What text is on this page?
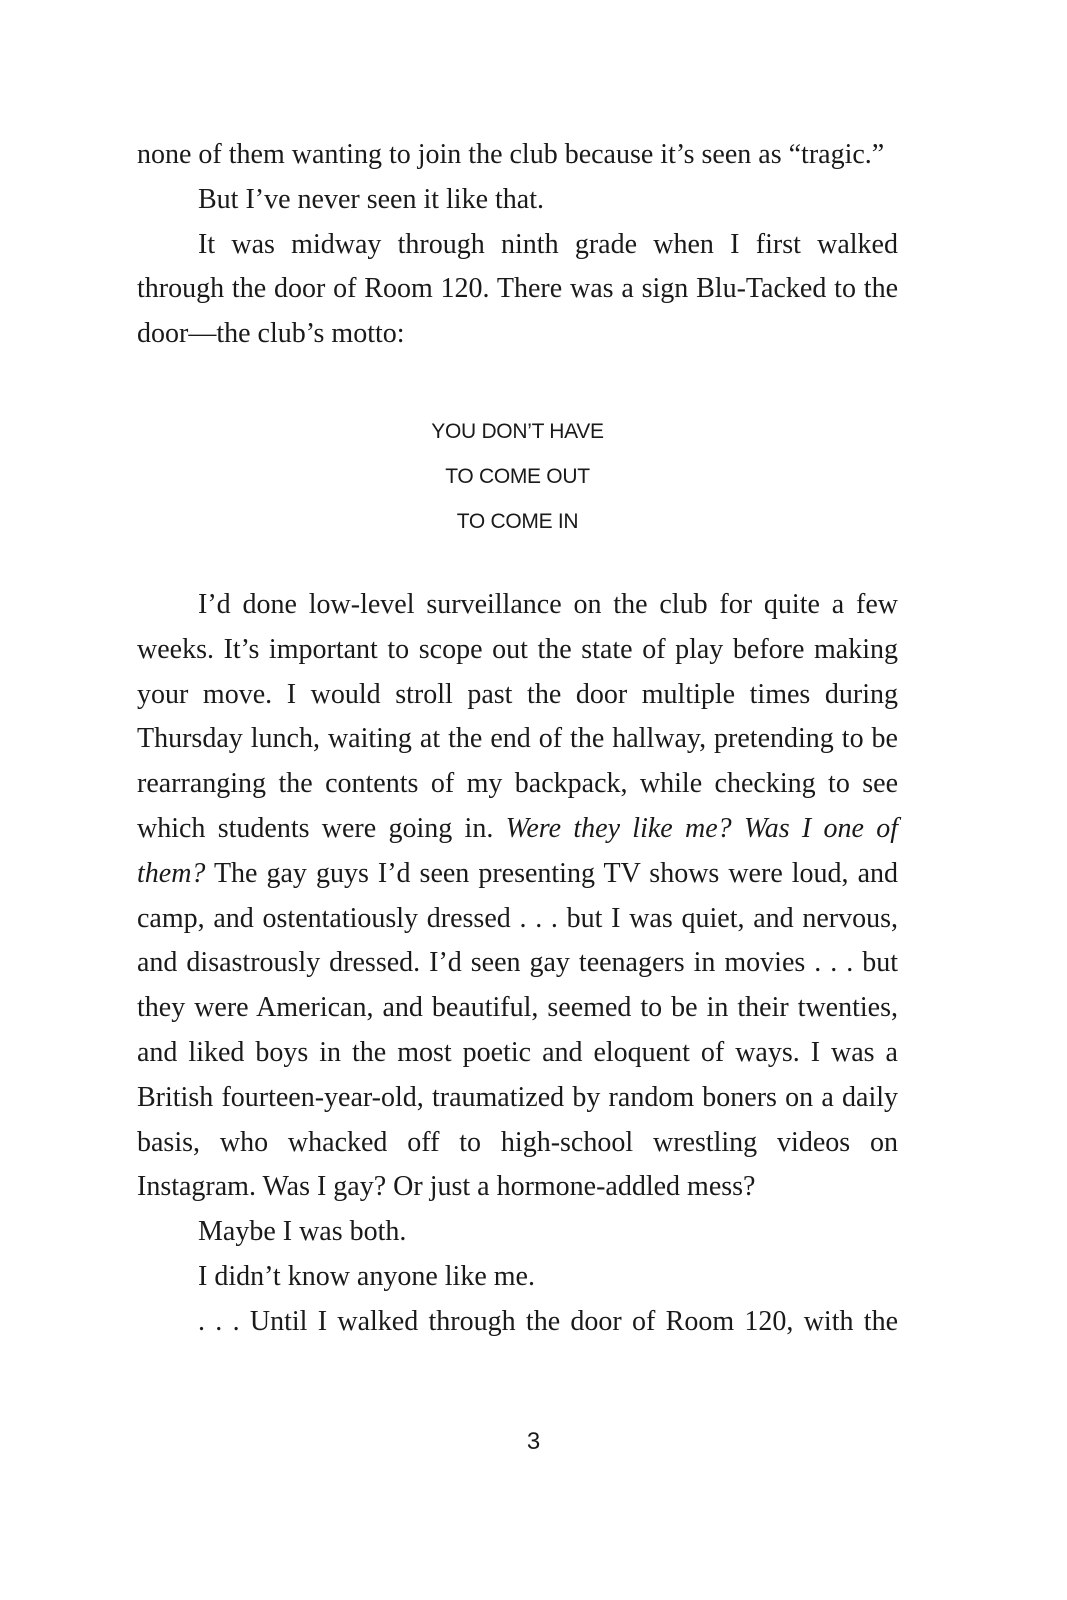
none of them wanting to join the club because it’s seen as “tragic.”

But I’ve never seen it like that.

It was midway through ninth grade when I first walked through the door of Room 120. There was a sign Blu-Tacked to the door—the club’s motto:

YOU DON’T HAVE
TO COME OUT
TO COME IN

I’d done low-level surveillance on the club for quite a few weeks. It’s important to scope out the state of play before making your move. I would stroll past the door multiple times during Thursday lunch, waiting at the end of the hallway, pretending to be rearranging the contents of my backpack, while checking to see which students were going in. Were they like me? Was I one of them? The gay guys I’d seen presenting TV shows were loud, and camp, and ostentatiously dressed . . . but I was quiet, and nervous, and disastrously dressed. I’d seen gay teenagers in movies . . . but they were American, and beautiful, seemed to be in their twenties, and liked boys in the most poetic and eloquent of ways. I was a British fourteen-year-old, traumatized by random boners on a daily basis, who whacked off to high-school wrestling videos on Instagram. Was I gay? Or just a hormone-addled mess?

Maybe I was both.

I didn’t know anyone like me.

. . . Until I walked through the door of Room 120, with the

3
